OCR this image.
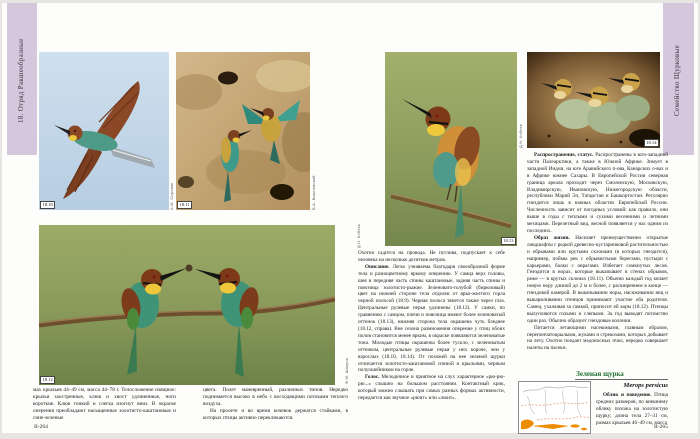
18. Отряд Ракшеобразные
18.10	А.М. Сорокин	18.11	В.А. Вишневский
18.12	Ф.М. Шакула

мах крыльев 44–49 см, масса 44–78 г. Телосложение изящное: крылья заостренные, клюв и хвост удлиненные, ноги короткие. Клюв тонкий и слегка изогнут вниз. В окраске оперения преобладают насыщенные золотисто-каштановые и сине-зеленые

цвета. Полет маневренный, различных типов. Нередко поднимается высоко в небо с восходящими потоками теплого воздуха.

На пролете и во время кочевок держатся стайками, в которых птицы активно перекликаются.

II-264
Семейство Щурковые
18.13
Д.Н. Кобезь
18.14
Д.Н. Кобезь

Охотно садится на провода. Не пуглива, подпускает к себе человека на несколько десятков метров.

Описание. Легко узнаваема благодаря своеобразной форме тела и разноцветному яркому оперению. У самца верх головы, шея и передняя часть спины каштановые, задняя часть спины и поясница золотисто-рыжие. Зеленовато-голубой (бирюзовый) цвет на нижней стороне тела отделен от ярко-желтого горла черной полосой (18.9). Черная полоса тянется также через глаз. Центральные рулевые перья удлинены (18.12). У самки, по сравнению с самцом, плечи и поясница имеют более зеленоватый оттенок (18.13), нижняя сторона тела окрашена чуть бледнее (18.12, справа). Вне сезона размножения оперение у птиц обоих полов становится менее ярким, в окраске появляются зеленоватые тона. Молодые птицы окрашены более тускло, с зеленоватым оттенком, центральные рулевые перья у них короче, чем у взрослых (18.10, 18.14). От похожей на нее зеленой щурки отличается золотисто-каштановой спиной и крыльями, черным полуошейником на горле.

Голос. Мелодичное и приятное на слух характерное «рю-рю-рю...» слышно на большом расстоянии. Контактный крик, который можно слышать при самых разных формах активности, передается как звучное «рюит» или «люит».

Распространение, статус. Распространены в юго-западной части Палеарктики, а также в Южной Африке. Зимует в западной Индии, на юге Аравийского п-ова, Канарских о-вах и в Африке южнее Сахары. В Европейской России северная граница ареала проходит через Смоленскую, Московскую, Владимирскую, Ивановскую, Нижегородскую области, республики Марий Эл, Татарстан и Башкортостан. Регулярно гнездится лишь в южных областях Европейской России. Численность зависит от погодных условий: как правило, они выше в годы с теплыми и сухими весенними и летними месяцами. Перелетный вид, весной появляется у нас одним из последних.

Образ жизни. Населяет преимущественно открытые ландшафты с редкой древесно-кустарниковой растительностью и обрывами или крутыми склонами (в которых гнездится), например, поймы рек с обрывистыми берегами, пустыри с карьерами, балки с оврагами. Избегает сомкнутых лесов. Гнездится в норах, которые выкапывает в стенах обрывов, реже — в крутых склонах (18.11). Обычно каждый год копает новую нору длиной до 2 м и более, с расширением в конце — гнездовой камерой. В выкапывании норы, насиживании яиц и выкармливании птенцов принимают участие оба родителя. Самец, ухаживая за самкой, приносит ей корм (18.12). Птенцы вылупляются голыми и слепыми. За год выводят потомство один раз. Обычно образует гнездовые колонии.

Питается летающими насекомыми, главным образом, перепончатокрылыми, жуками и стрекозами, которых добывает на лету. Охотно поедает медоносных пчел, нередко совершает налеты на пасеки.

Зеленая щурка
Merops persicus

Облик и поведение. Птица средних размеров, по внешнему облику похожа на золотистую щурку; длина тела 27–31 см, размах крыльев 46–49 см, масса

II-265
